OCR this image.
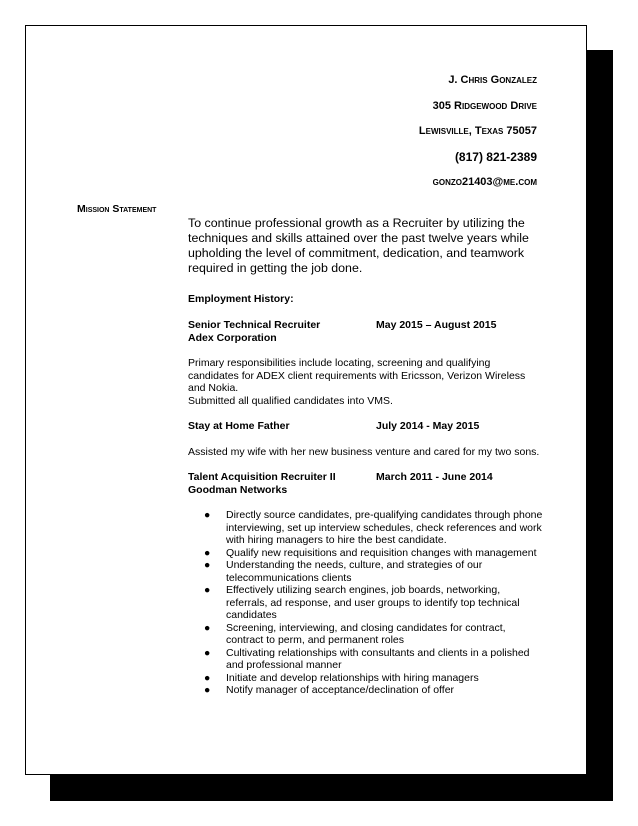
J. Chris Gonzalez
305 Ridgewood Drive
Lewisville, Texas 75057
(817) 821-2389
gonzo21403@me.com
Mission Statement

To continue professional growth as a Recruiter by utilizing the techniques and skills attained over the past twelve years while upholding the level of commitment, dedication, and teamwork required in getting the job done.

Employment History:
Senior Technical Recruiter	May 2015 – August 2015
Adex Corporation

Primary responsibilities include locating, screening and qualifying candidates for ADEX client requirements with Ericsson, Verizon Wireless and Nokia.

Submitted all qualified candidates into VMS.

Stay at Home Father	July 2014 - May 2015

Assisted my wife with her new business venture and cared for my two sons.

Talent Acquisition Recruiter II	March 2011 - June 2014
Goodman Networks
● Directly source candidates, pre-qualifying candidates through phone interviewing, set up interview schedules, check references and work with hiring managers to hire the best candidate.
● Qualify new requisitions and requisition changes with management
● Understanding the needs, culture, and strategies of our telecommunications clients
● Effectively utilizing search engines, job boards, networking, referrals, ad response, and user groups to identify top technical candidates
● Screening, interviewing, and closing candidates for contract, contract to perm, and permanent roles
● Cultivating relationships with consultants and clients in a polished and professional manner
● Initiate and develop relationships with hiring managers
● Notify manager of acceptance/declination of offer
